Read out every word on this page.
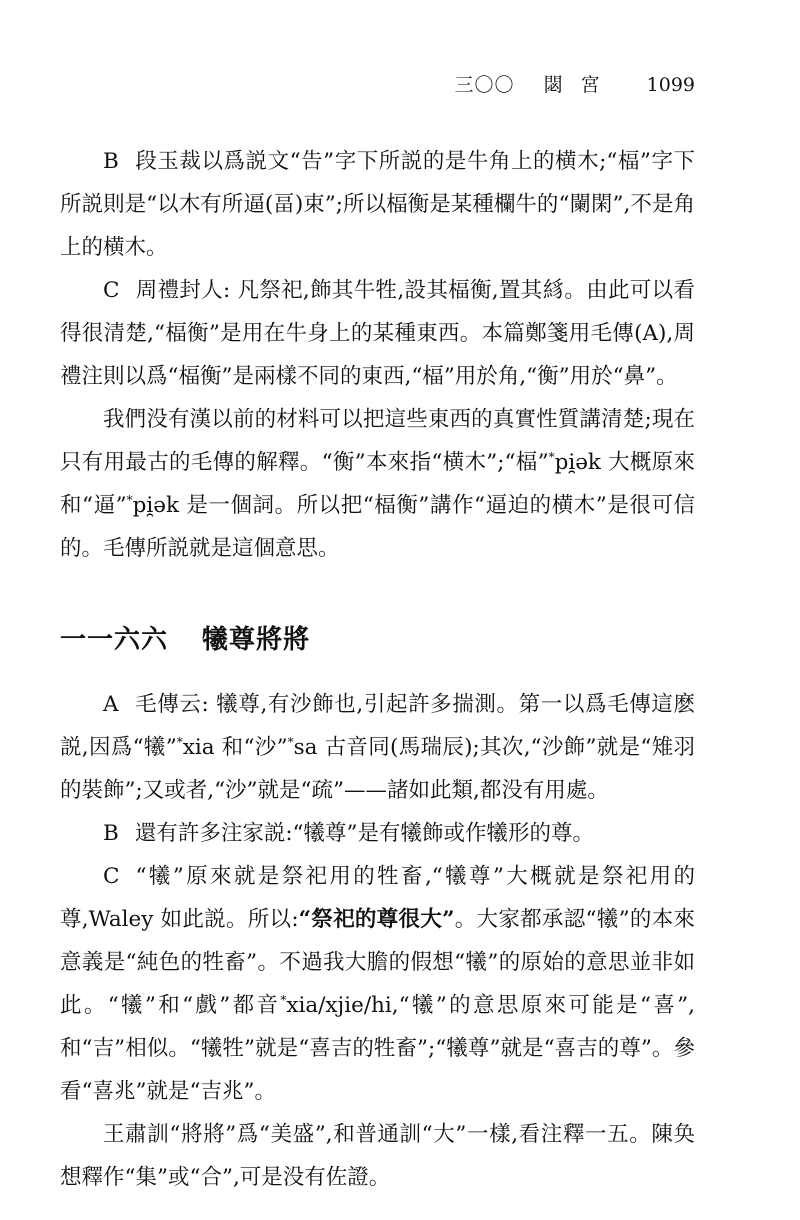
三〇〇 閟宮 1099

B 段玉裁以爲説文“告”字下所説的是牛角上的横木;“楅”字下所説則是“以木有所逼(畐)束”;所以楅衡是某種欄牛的“闌閑”,不是角上的横木。

C 周禮封人: 凡祭祀,飾其牛牲,設其楅衡,置其絼。由此可以看得很清楚,“楅衡”是用在牛身上的某種東西。本篇鄭箋用毛傳(A),周禮注則以爲“楅衡”是兩樣不同的東西,“楅”用於角,“衡”用於“鼻”。

我們没有漢以前的材料可以把這些東西的真實性質講清楚;現在只有用最古的毛傳的解釋。“衡”本來指“横木”;“楅”*pi̯ək 大概原來和“逼”*pi̯ək 是一個詞。所以把“楅衡”講作“逼迫的横木”是很可信的。毛傳所説就是這個意思。

一一六六 犧尊將將

A 毛傳云: 犧尊,有沙飾也,引起許多揣測。第一以爲毛傳這麽説,因爲“犧”*xia 和“沙”*sa 古音同(馬瑞辰);其次,“沙飾”就是“雉羽的裝飾”;又或者,“沙”就是“疏”——諸如此類,都没有用處。

B 還有許多注家説:“犧尊”是有犧飾或作犧形的尊。

C “犧”原來就是祭祀用的牲畜,“犧尊”大概就是祭祀用的尊,Waley 如此説。所以:“祭祀的尊很大”。大家都承認“犧”的本來意義是“純色的牲畜”。不過我大膽的假想“犧”的原始的意思並非如此。“犧”和“戲”都音*xia/xjie/hi,“犧”的意思原來可能是“喜”,和“吉”相似。“犧牲”就是“喜吉的牲畜”;“犧尊”就是“喜吉的尊”。參看“喜兆”就是“吉兆”。

王肅訓“將將”爲“美盛”,和普通訓“大”一樣,看注釋一五。陳奂想釋作“集”或“合”,可是没有佐證。
